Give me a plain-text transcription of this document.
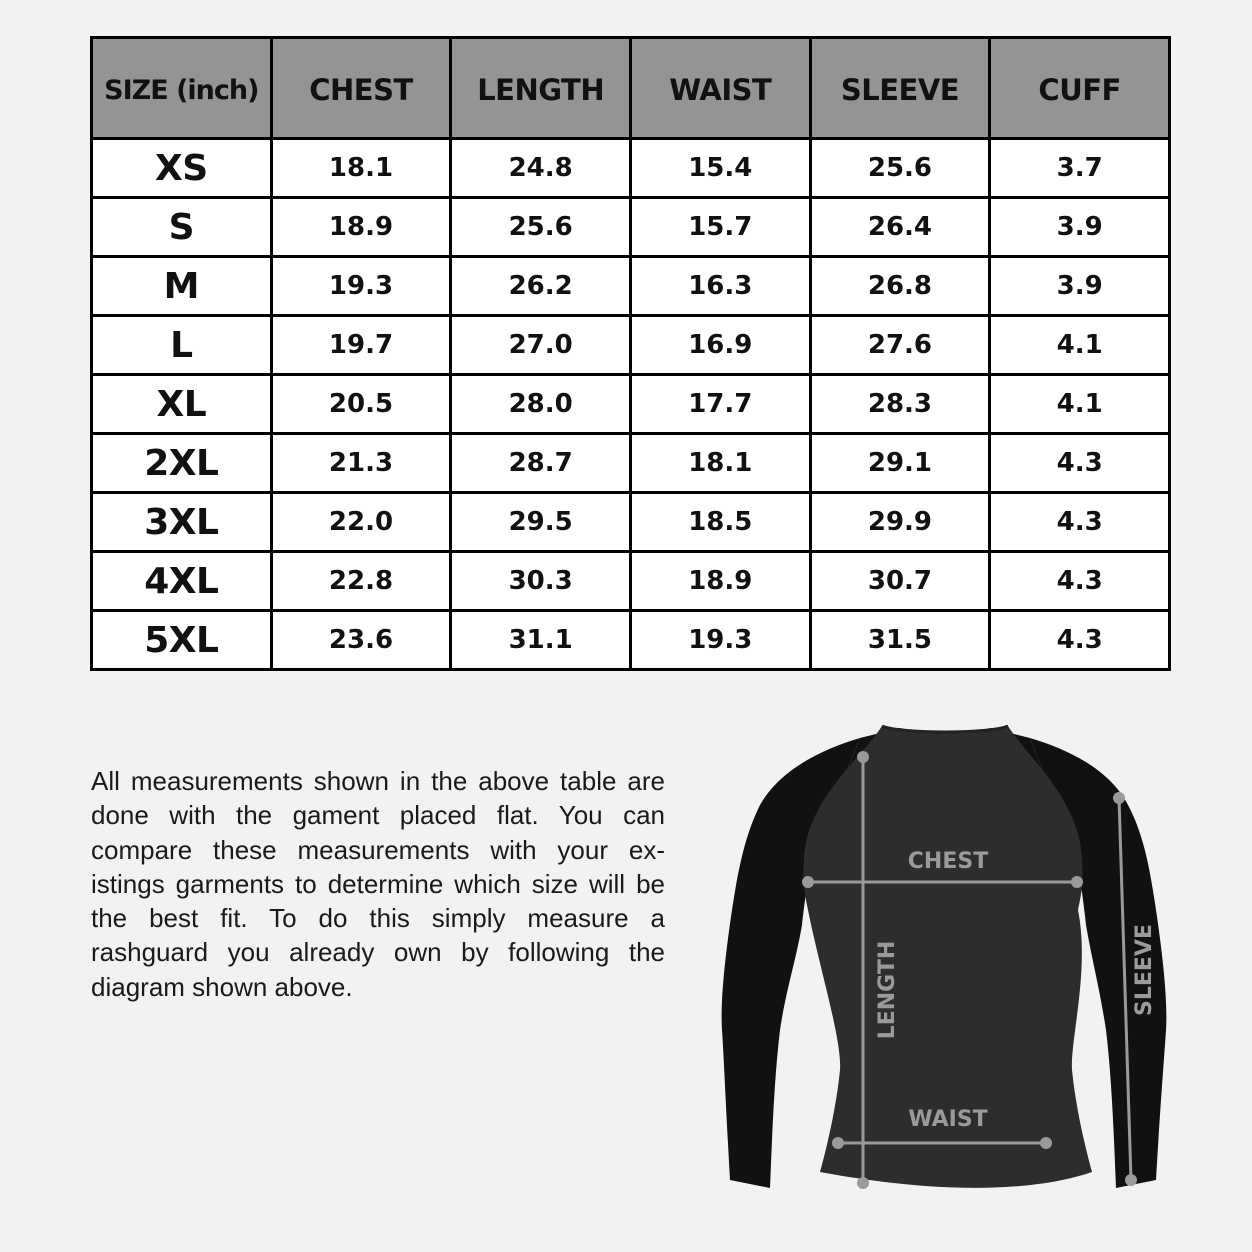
SIZE (inch)	CHEST	LENGTH	WAIST	SLEEVE	CUFF
XS	18.1	24.8	15.4	25.6	3.7
S	18.9	25.6	15.7	26.4	3.9
M	19.3	26.2	16.3	26.8	3.9
L	19.7	27.0	16.9	27.6	4.1
XL	20.5	28.0	17.7	28.3	4.1
2XL	21.3	28.7	18.1	29.1	4.3
3XL	22.0	29.5	18.5	29.9	4.3
4XL	22.8	30.3	18.9	30.7	4.3
5XL	23.6	31.1	19.3	31.5	4.3

All measurements shown in the above table are done with the gament placed flat. You can compare these measurements with your ex- istings garments to determine which size will be the best fit. To do this simply measure a rashguard you already own by following the diagram shown above.

CHEST
WAIST
LENGTH	SLEEVE
